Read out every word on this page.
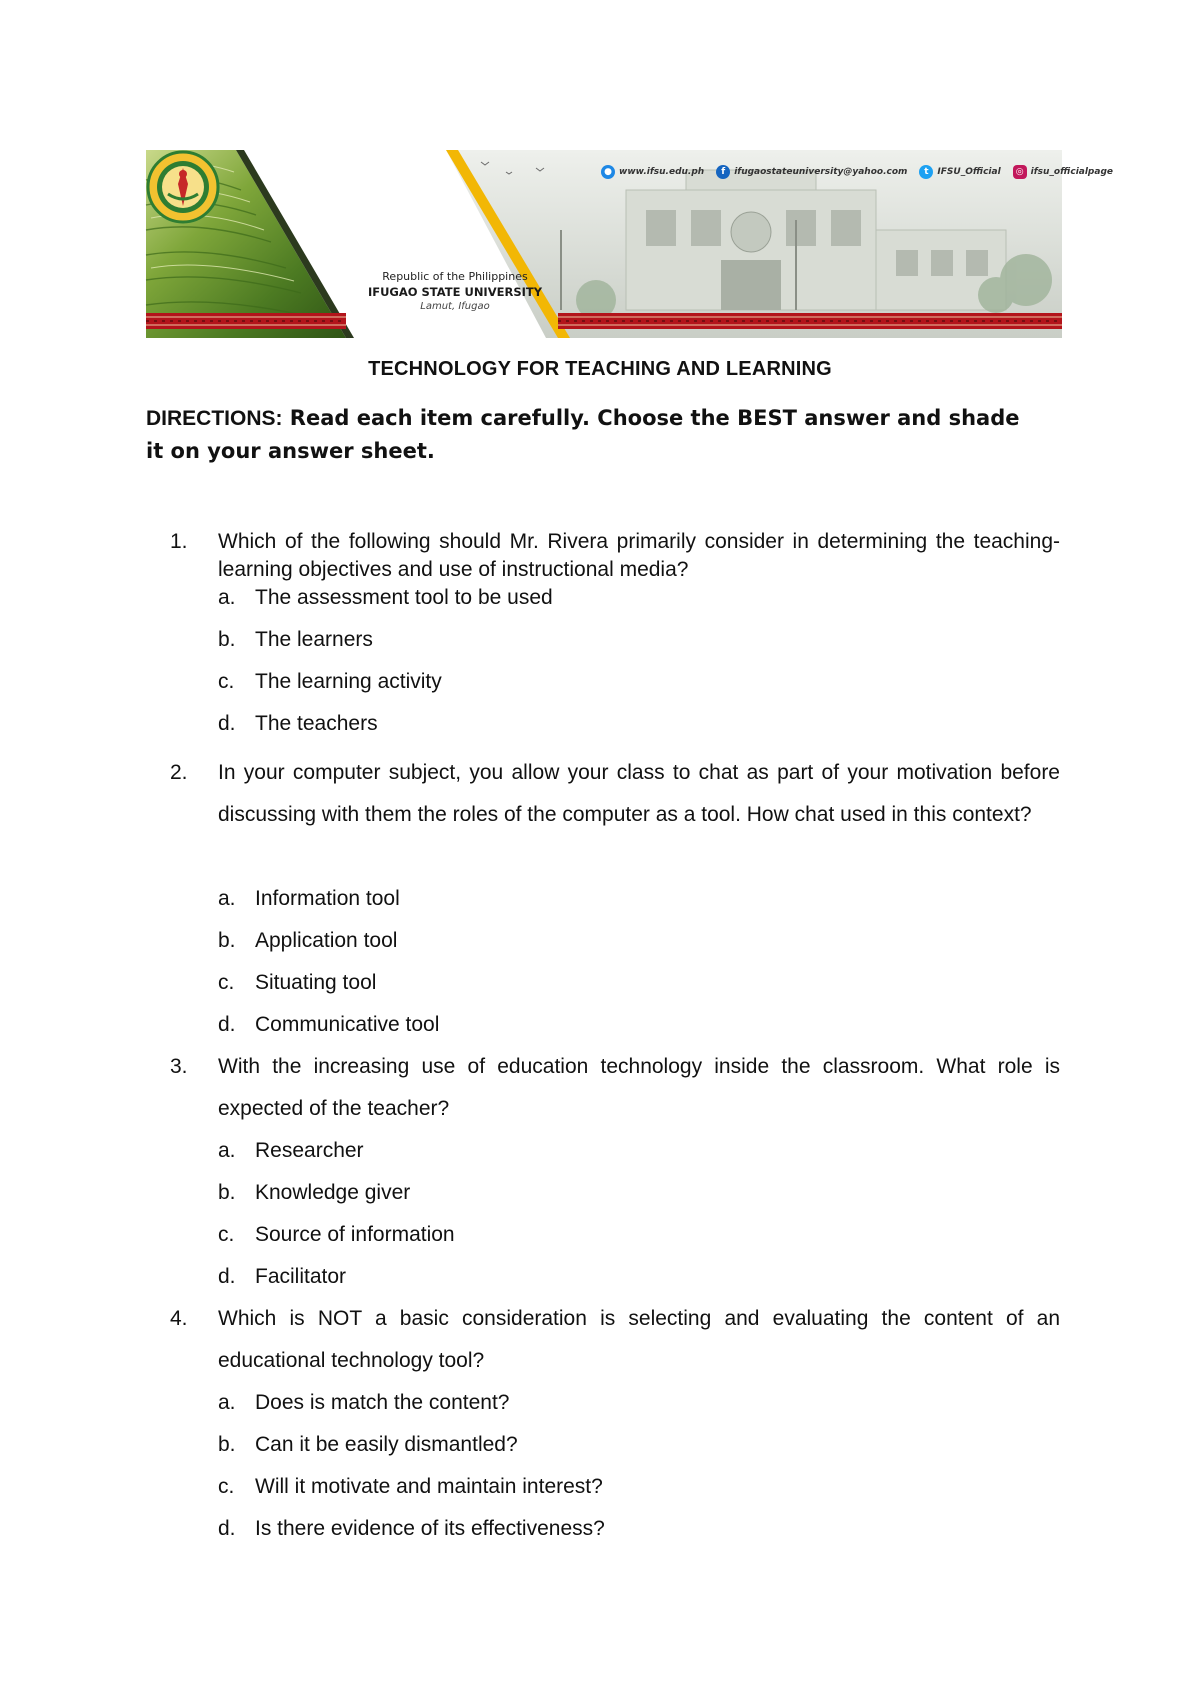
● www.ifsu.edu.ph	f	ifugaostateuniversity@yahoo.com	t IFSU_Official	◎ ifsu_officialpage
Republic of the Philippines
IFUGAO STATE UNIVERSITY
Lamut, Ifugao
TECHNOLOGY FOR TEACHING AND LEARNING
DIRECTIONS: Read each item carefully. Choose the BEST answer and shade it on your answer sheet.
1. Which of the following should Mr. Rivera primarily consider in determining the teaching-learning objectives and use of instructional media?
a. The assessment tool to be used
b. The learners
c. The learning activity
d. The teachers
2. In your computer subject, you allow your class to chat as part of your motivation before discussing with them the roles of the computer as a tool. How chat used in this context?
a. Information tool
b. Application tool
c. Situating tool
d. Communicative tool
3. With the increasing use of education technology inside the classroom. What role is expected of the teacher?
a. Researcher
b. Knowledge giver
c. Source of information
d. Facilitator
4. Which is NOT a basic consideration is selecting and evaluating the content of an educational technology tool?
a. Does is match the content?
b. Can it be easily dismantled?
c. Will it motivate and maintain interest?
d. Is there evidence of its effectiveness?
